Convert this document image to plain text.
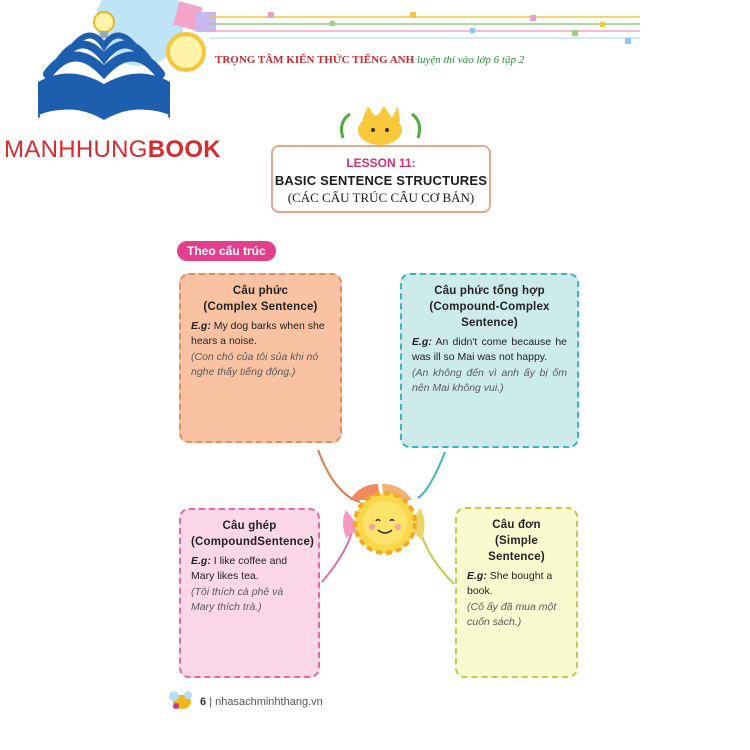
TRỌNG TÂM KIẾN THỨC TIẾNG ANH luyện thi vào lớp 6 tập 2
MANHHUNGBOOK	LESSON 11:
BASIC SENTENCE STRUCTURES
(CÁC CẤU TRÚC CÂU CƠ BẢN)
Theo cấu trúc
Câu phức
(Complex Sentence)
E.g: My dog barks when she hears a noise.
(Con chó của tôi sủa khi nó nghe thấy tiếng động.)
Câu phức tổng hợp
(Compound-Complex
Sentence)
E.g: An didn't come because he was ill so Mai was not happy.
(An không đến vì anh ấy bị ốm nên Mai không vui.)
Câu ghép
(CompoundSentence)
E.g: I like coffee and Mary likes tea.
(Tôi thích cà phê và Mary thích trà.)
Câu đơn
(Simple Sentence)
E.g: She bought a book.
(Cô ấy đã mua một cuốn sách.)
6 | nhasachminhthang.vn
